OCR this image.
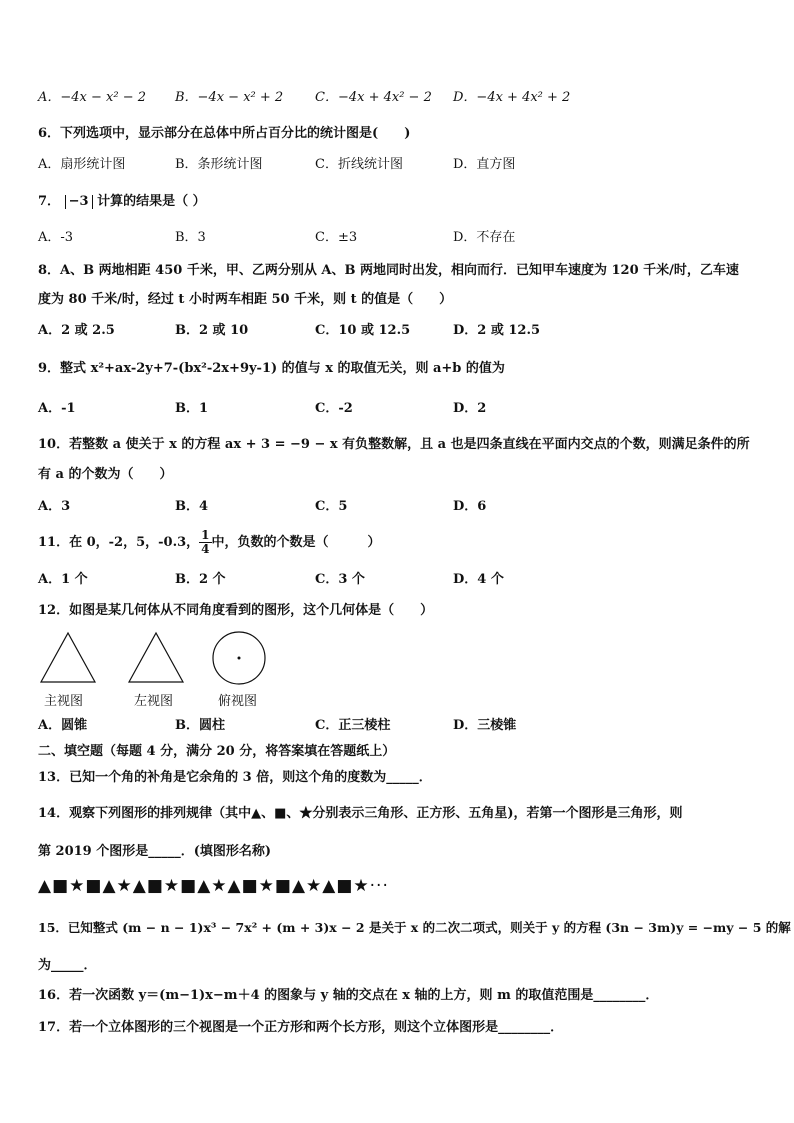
A．−4x − x² − 2 B．−4x − x² + 2 C．−4x + 4x² − 2 D．−4x + 4x² + 2
6．下列选项中，显示部分在总体中所占百分比的统计图是(　　)
A．扇形统计图	B．条形统计图	C．折线统计图	D．直方图
7． −3 计算的结果是（ ）
A．-3	B．3	C．±3	D．不存在
8．A、B 两地相距 450 千米，甲、乙两分别从 A、B 两地同时出发，相向而行．已知甲车速度为 120 千米/时，乙车速
度为 80 千米/时，经过 t 小时两车相距 50 千米，则 t 的值是（　　）
A．2 或 2.5	B．2 或 10	C．10 或 12.5	D．2 或 12.5
9．整式 x²+ax-2y+7-(bx²-2x+9y-1) 的值与 x 的取值无关，则 a+b 的值为
A．-1	B．1	C．-2	D．2
10．若整数 a 使关于 x 的方程 ax + 3 = −9 − x 有负整数解，且 a 也是四条直线在平面内交点的个数，则满足条件的所
有 a 的个数为（　　）
A．3	B．4	C．5	D．6
11．在 0，-2，5，-0.3， $\frac{1}{4}$ 中，负数的个数是（　　　）
A．1 个	B．2 个	C．3 个	D．4 个
12．如图是某几何体从不同角度看到的图形，这个几何体是（　　）
主视图	左视图	俯视图
A．圆锥	B．圆柱	C．正三棱柱	D．三棱锥
二、填空题（每题 4 分，满分 20 分，将答案填在答题纸上）
13．已知一个角的补角是它余角的 3 倍，则这个角的度数为_____．
14．观察下列图形的排列规律（其中▲、■、★分别表示三角形、正方形、五角星)，若第一个图形是三角形，则
第 2019 个图形是_____．(填图形名称)
▲■★■▲★▲■★■▲★▲■★■▲★▲■★···
15．已知整式 (m − n − 1)x³ − 7x² + (m + 3)x − 2 是关于 x 的二次二项式，则关于 y 的方程 (3n − 3m)y = −my − 5 的解
为_____．
16．若一次函数 y＝(m−1)x−m＋4 的图象与 y 轴的交点在 x 轴的上方，则 m 的取值范围是________．
17．若一个立体图形的三个视图是一个正方形和两个长方形，则这个立体图形是________．
